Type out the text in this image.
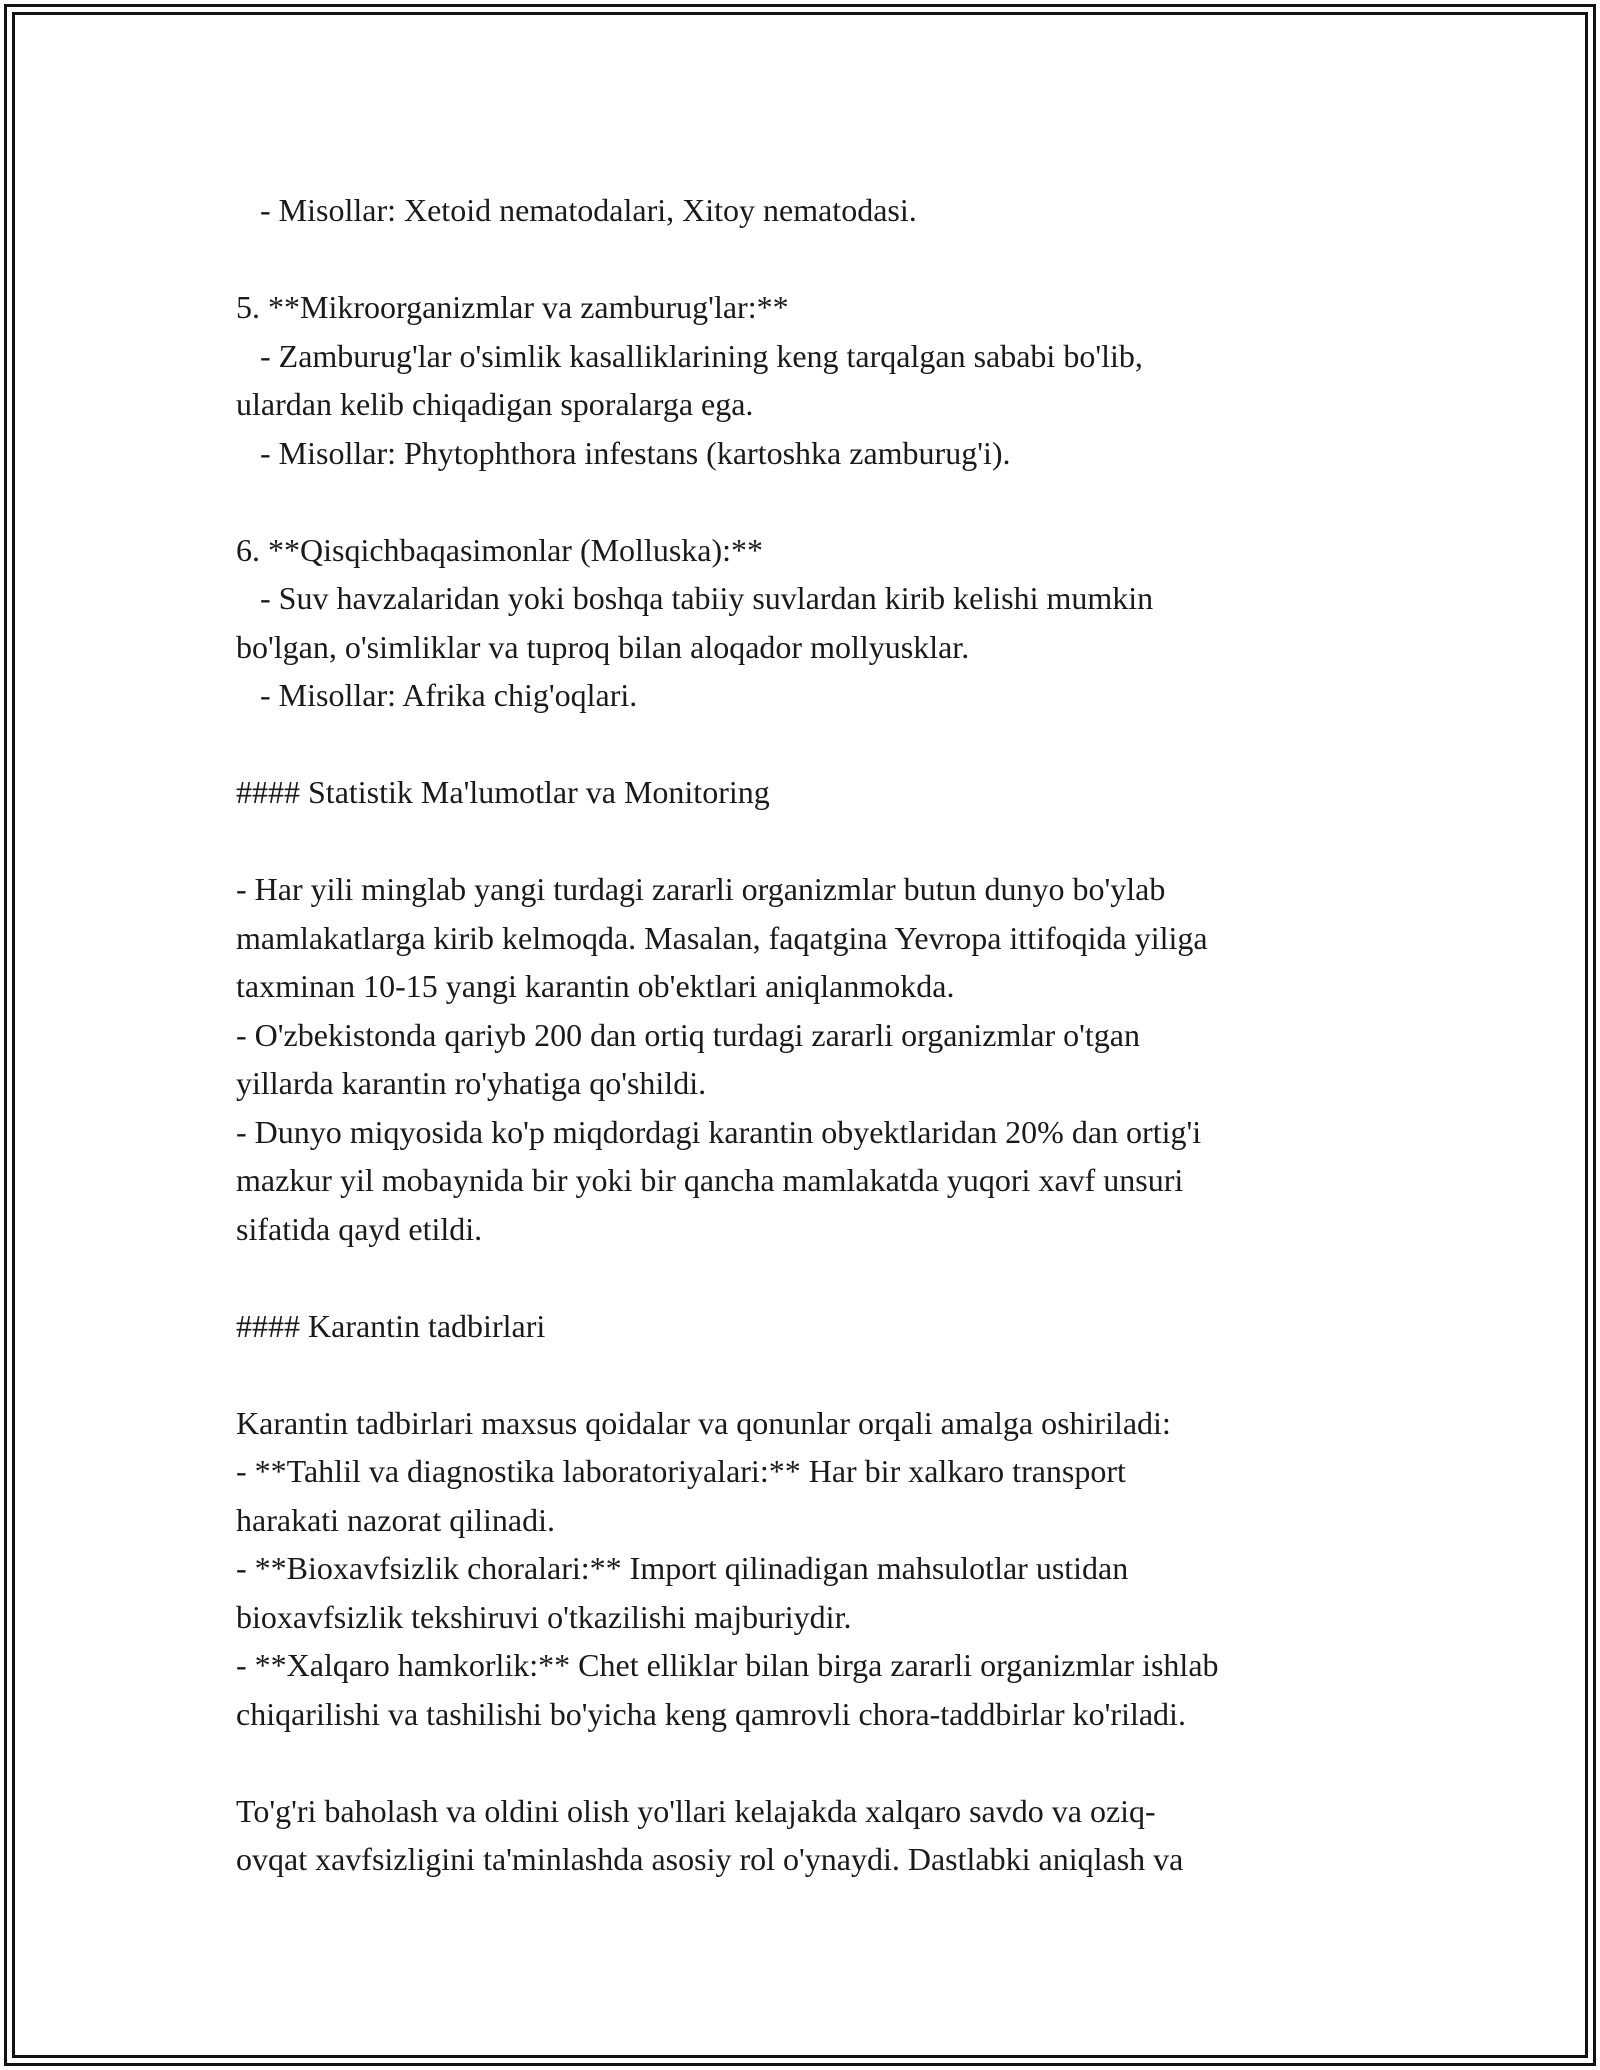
- Misollar: Xetoid nematodalari, Xitoy nematodasi.
5. **Mikroorganizmlar va zamburug'lar:**
- Zamburug'lar o'simlik kasalliklarining keng tarqalgan sababi bo'lib,
ulardan kelib chiqadigan sporalarga ega.
- Misollar: Phytophthora infestans (kartoshka zamburug'i).
6. **Qisqichbaqasimonlar (Molluska):**
- Suv havzalaridan yoki boshqa tabiiy suvlardan kirib kelishi mumkin
bo'lgan, o'simliklar va tuproq bilan aloqador mollyusklar.
- Misollar: Afrika chig'oqlari.
#### Statistik Ma'lumotlar va Monitoring
- Har yili minglab yangi turdagi zararli organizmlar butun dunyo bo'ylab
mamlakatlarga kirib kelmoqda. Masalan, faqatgina Yevropa ittifoqida yiliga
taxminan 10-15 yangi karantin ob'ektlari aniqlanmokda.
- O'zbekistonda qariyb 200 dan ortiq turdagi zararli organizmlar o'tgan
yillarda karantin ro'yhatiga qo'shildi.
- Dunyo miqyosida ko'p miqdordagi karantin obyektlaridan 20% dan ortig'i
mazkur yil mobaynida bir yoki bir qancha mamlakatda yuqori xavf unsuri
sifatida qayd etildi.
#### Karantin tadbirlari
Karantin tadbirlari maxsus qoidalar va qonunlar orqali amalga oshiriladi:
- **Tahlil va diagnostika laboratoriyalari:** Har bir xalkaro transport
harakati nazorat qilinadi.
- **Bioxavfsizlik choralari:** Import qilinadigan mahsulotlar ustidan
bioxavfsizlik tekshiruvi o'tkazilishi majburiydir.
- **Xalqaro hamkorlik:** Chet elliklar bilan birga zararli organizmlar ishlab
chiqarilishi va tashilishi bo'yicha keng qamrovli chora-taddbirlar ko'riladi.
To'g'ri baholash va oldini olish yo'llari kelajakda xalqaro savdo va oziq-
ovqat xavfsizligini ta'minlashda asosiy rol o'ynaydi. Dastlabki aniqlash va
